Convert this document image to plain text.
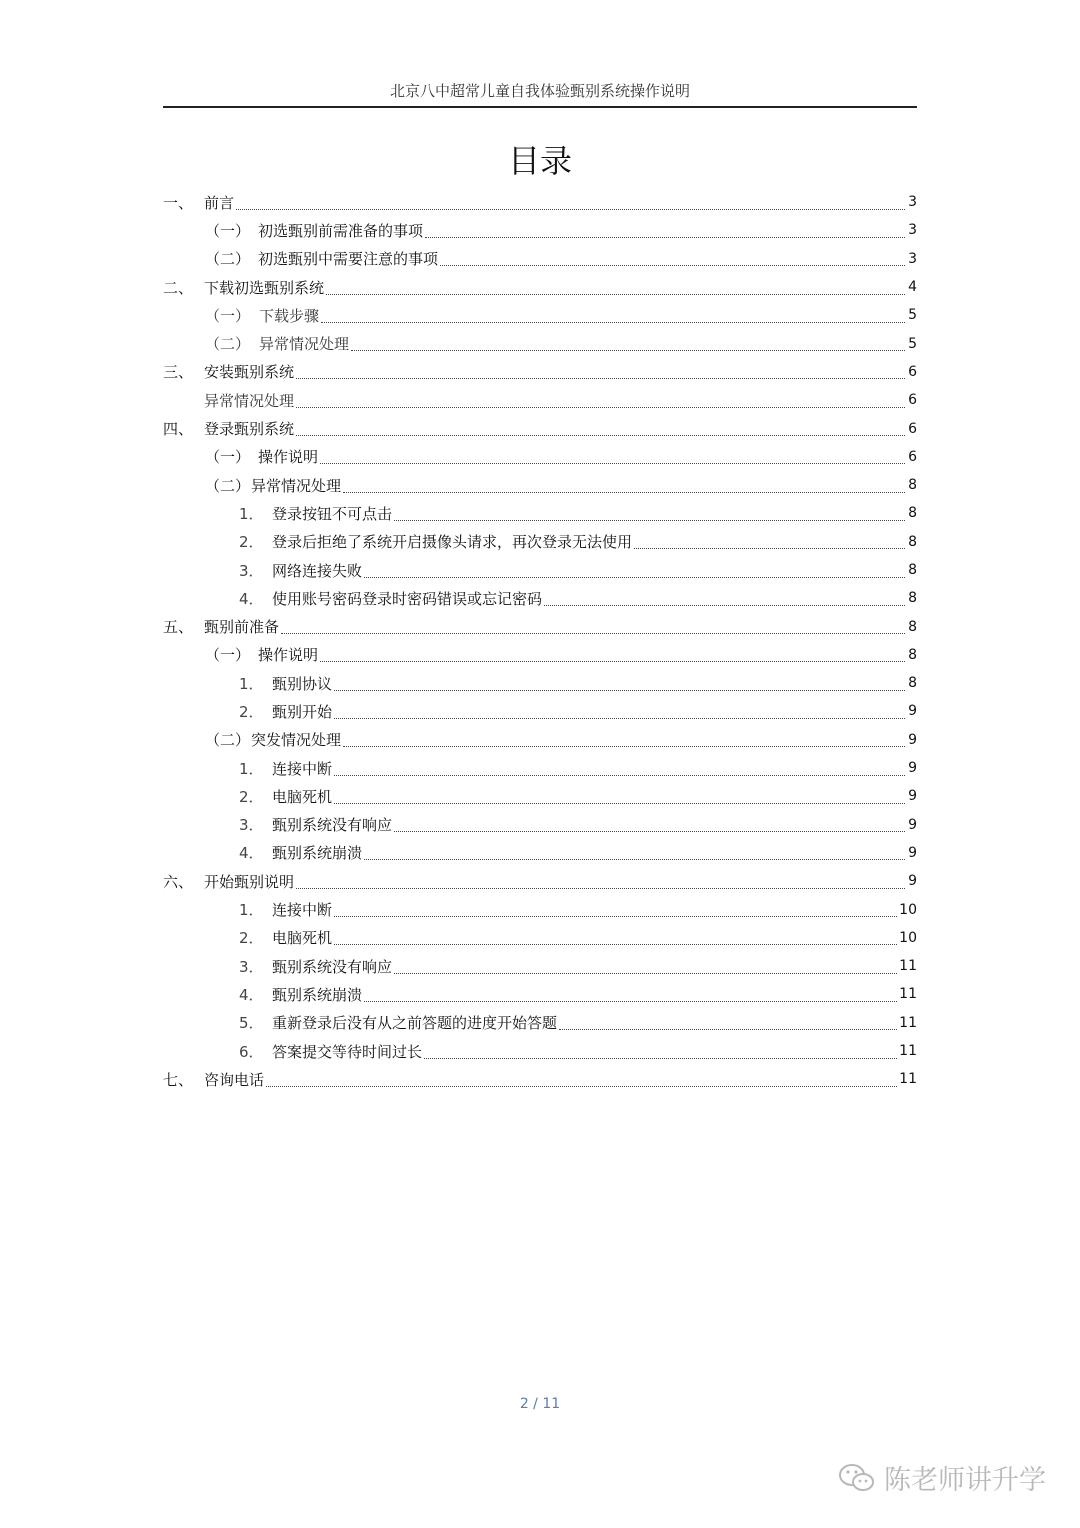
北京八中超常儿童自我体验甄别系统操作说明
目录
一、 前言	3
（一） 初选甄别前需准备的事项	3
（二） 初选甄别中需要注意的事项	3
二、 下载初选甄别系统	4
（一） 下载步骤	5
（二） 异常情况处理	5
三、 安装甄别系统	6
异常情况处理	6
四、 登录甄别系统	6
（一） 操作说明	6
（二） 异常情况处理	8
1． 登录按钮不可点击	8
2． 登录后拒绝了系统开启摄像头请求，再次登录无法使用	8
3． 网络连接失败	8
4． 使用账号密码登录时密码错误或忘记密码	8
五、 甄别前准备	8
（一） 操作说明	8
1． 甄别协议	8
2． 甄别开始	9
（二） 突发情况处理	9
1． 连接中断	9
2． 电脑死机	9
3． 甄别系统没有响应	9
4． 甄别系统崩溃	9
六、 开始甄别说明	9
1． 连接中断	10
2． 电脑死机	10
3． 甄别系统没有响应	11
4． 甄别系统崩溃	11
5． 重新登录后没有从之前答题的进度开始答题	11
6． 答案提交等待时间过长	11
七、 咨询电话	11
2 / 11
陈老师讲升学
